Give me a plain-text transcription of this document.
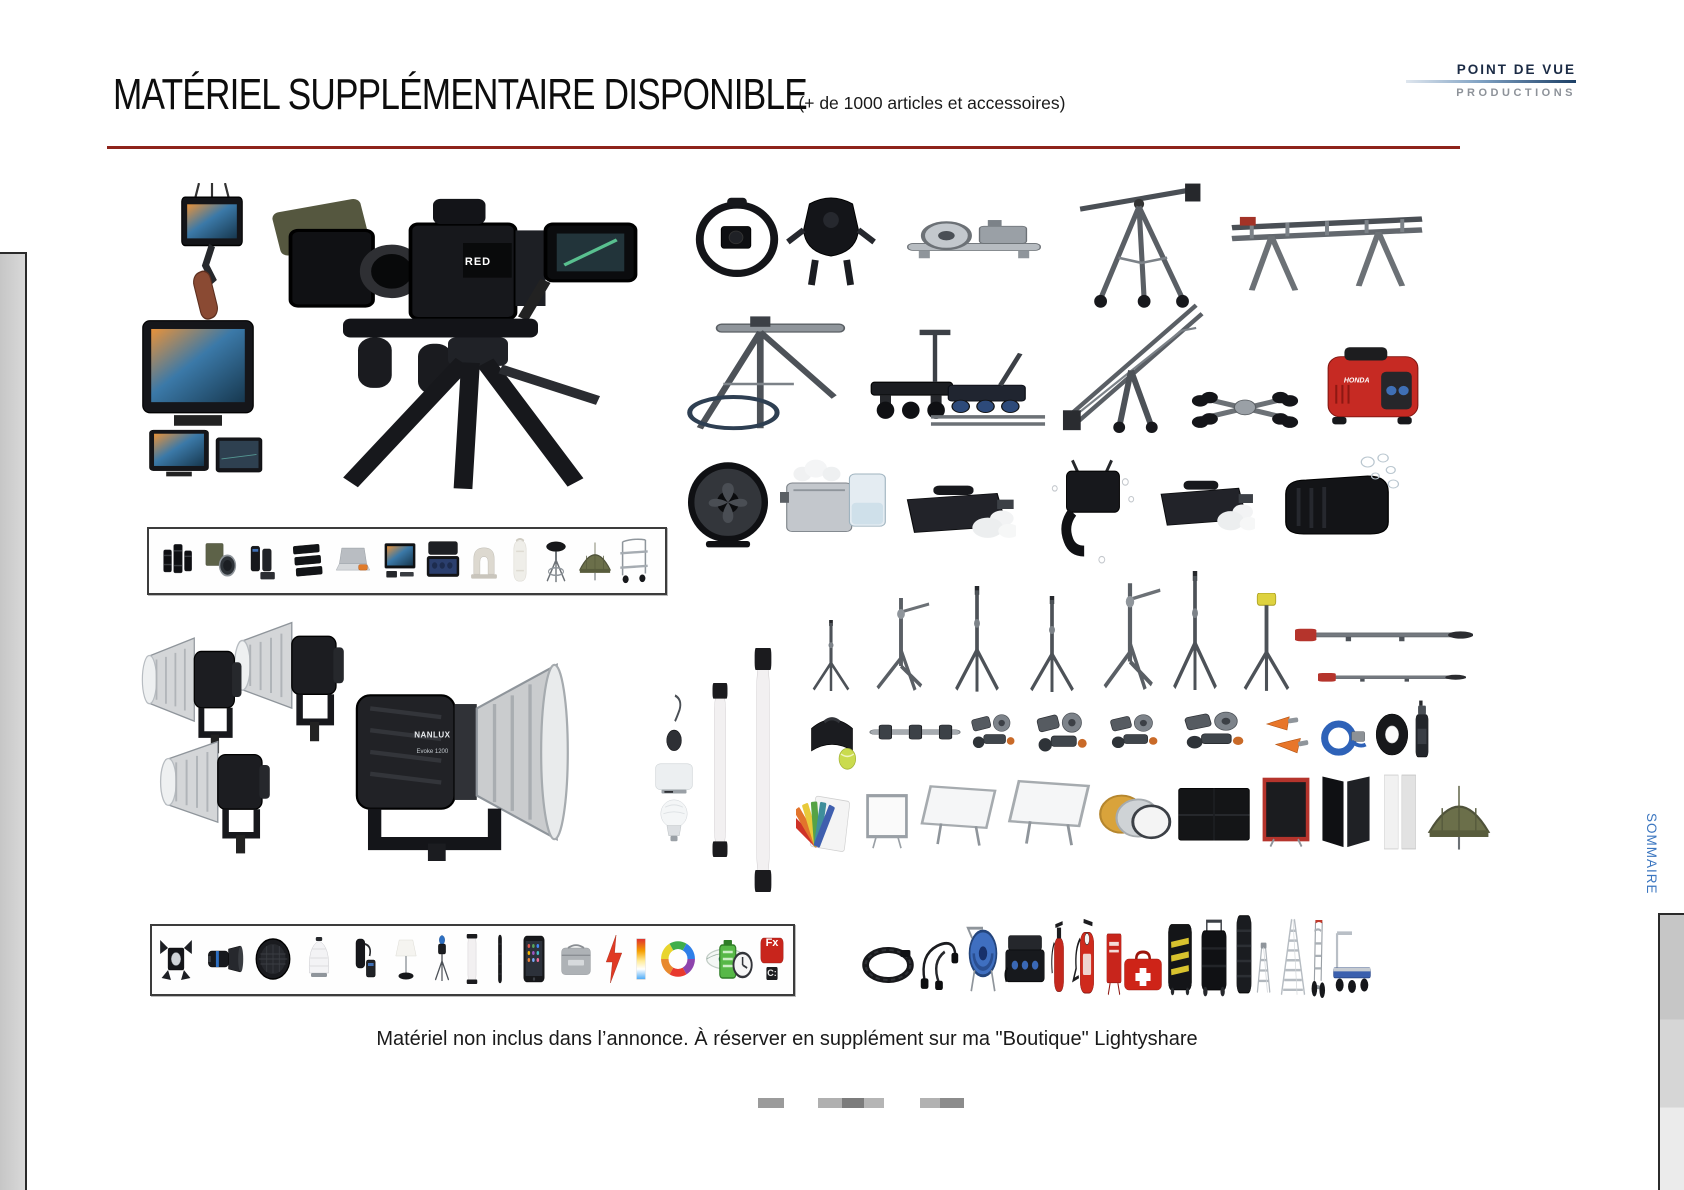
MATÉRIEL SUPPLÉMENTAIRE DISPONIBLE(+ de 1000 articles et accessoires)
POINT DE VUE
PRODUCTIONS
RED
HONDA
NANLUX
Evoke 1200
Fx
C:
Matériel non inclus dans l’annonce. À réserver en supplément sur ma "Boutique" Lightyshare
SOMMAIRE
